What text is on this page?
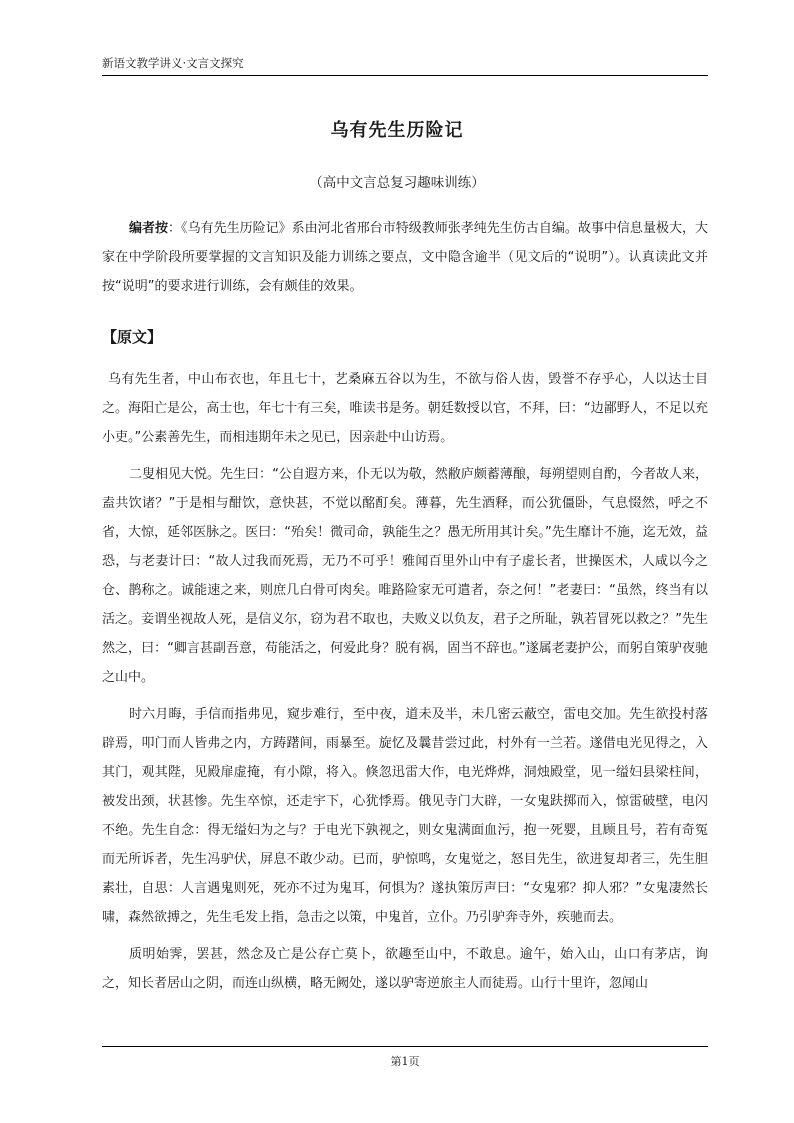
新语文教学讲义·文言文探究
乌有先生历险记
（高中文言总复习趣味训练）

编者按：《乌有先生历险记》系由河北省邢台市特级教师张孝纯先生仿古自编。故事中信息量极大，大家在中学阶段所要掌握的文言知识及能力训练之要点，文中隐含逾半（见文后的“说明”）。认真读此文并按“说明”的要求进行训练，会有颇佳的效果。

【原文】

乌有先生者，中山布衣也，年且七十，艺桑麻五谷以为生，不欲与俗人齿，毁誉不存乎心，人以达士目之。海阳亡是公，高士也，年七十有三矣，唯读书是务。朝廷数授以官，不拜，曰：“边鄙野人，不足以充小吏。”公素善先生，而相违期年未之见已，因亲赴中山访焉。

二叟相见大悦。先生曰：“公自遐方来，仆无以为敬，然敝庐颇蓄薄酿，每朔望则自酌，今者故人来，盍共饮诸？”于是相与酣饮，意快甚，不觉以酩酊矣。薄暮，先生酒释，而公犹僵卧，气息惙然，呼之不省，大惊，延邻医脉之。医曰：“殆矣！微司命，孰能生之？愚无所用其计矣。”先生靡计不施，迄无效，益恐，与老妻计曰：“故人过我而死焉，无乃不可乎！雅闻百里外山中有子虚长者，世操医术，人咸以今之仓、鹊称之。诚能速之来，则庶几白骨可肉矣。唯路险家无可遣者，奈之何！”老妻曰：“虽然，终当有以活之。妾谓坐视故人死，是信义尔，窃为君不取也，夫败义以负友，君子之所耻，孰若冒死以救之？”先生然之，曰：“卿言甚副吾意，苟能活之，何爱此身？脱有祸，固当不辞也。”遂属老妻护公，而躬自策驴夜驰之山中。

时六月晦，手信而指弗见，窥步难行，至中夜，道未及半，未几密云蔽空，雷电交加。先生欲投村落辟焉，叩门而人皆弗之内，方踌躇间，雨暴至。旋忆及曩昔尝过此，村外有一兰若。遂借电光见得之，入其门，观其陛，见殿扉虚掩，有小隙，将入。倏忽迅雷大作，电光烨烨，洞烛殿堂，见一缢妇县梁柱间，被发出颈，状甚惨。先生卒惊，还走宇下，心犹悸焉。俄见寺门大辟，一女鬼趺掷而入，惊雷破壁，电闪不绝。先生自念：得无缢妇为之与？于电光下孰视之，则女鬼满面血污，抱一死婴，且顾且号，若有奇冤而无所诉者，先生冯驴伏，屏息不敢少动。已而，驴惊鸣，女鬼觉之，怒目先生，欲进复却者三，先生胆素壮，自思：人言遇鬼则死，死亦不过为鬼耳，何惧为？遂执策厉声曰：“女鬼邪？抑人邪？”女鬼凄然长啸，森然欲搏之，先生毛发上指，急击之以策，中鬼首，立仆。乃引驴奔寺外，疾驰而去。

质明始霁，罢甚，然念及亡是公存亡莫卜，欲趣至山中，不敢息。逾午，始入山，山口有茅店，询之，知长者居山之阴，而连山纵横，略无阙处，遂以驴寄逆旅主人而徒焉。山行十里许，忽闻山

第1页
